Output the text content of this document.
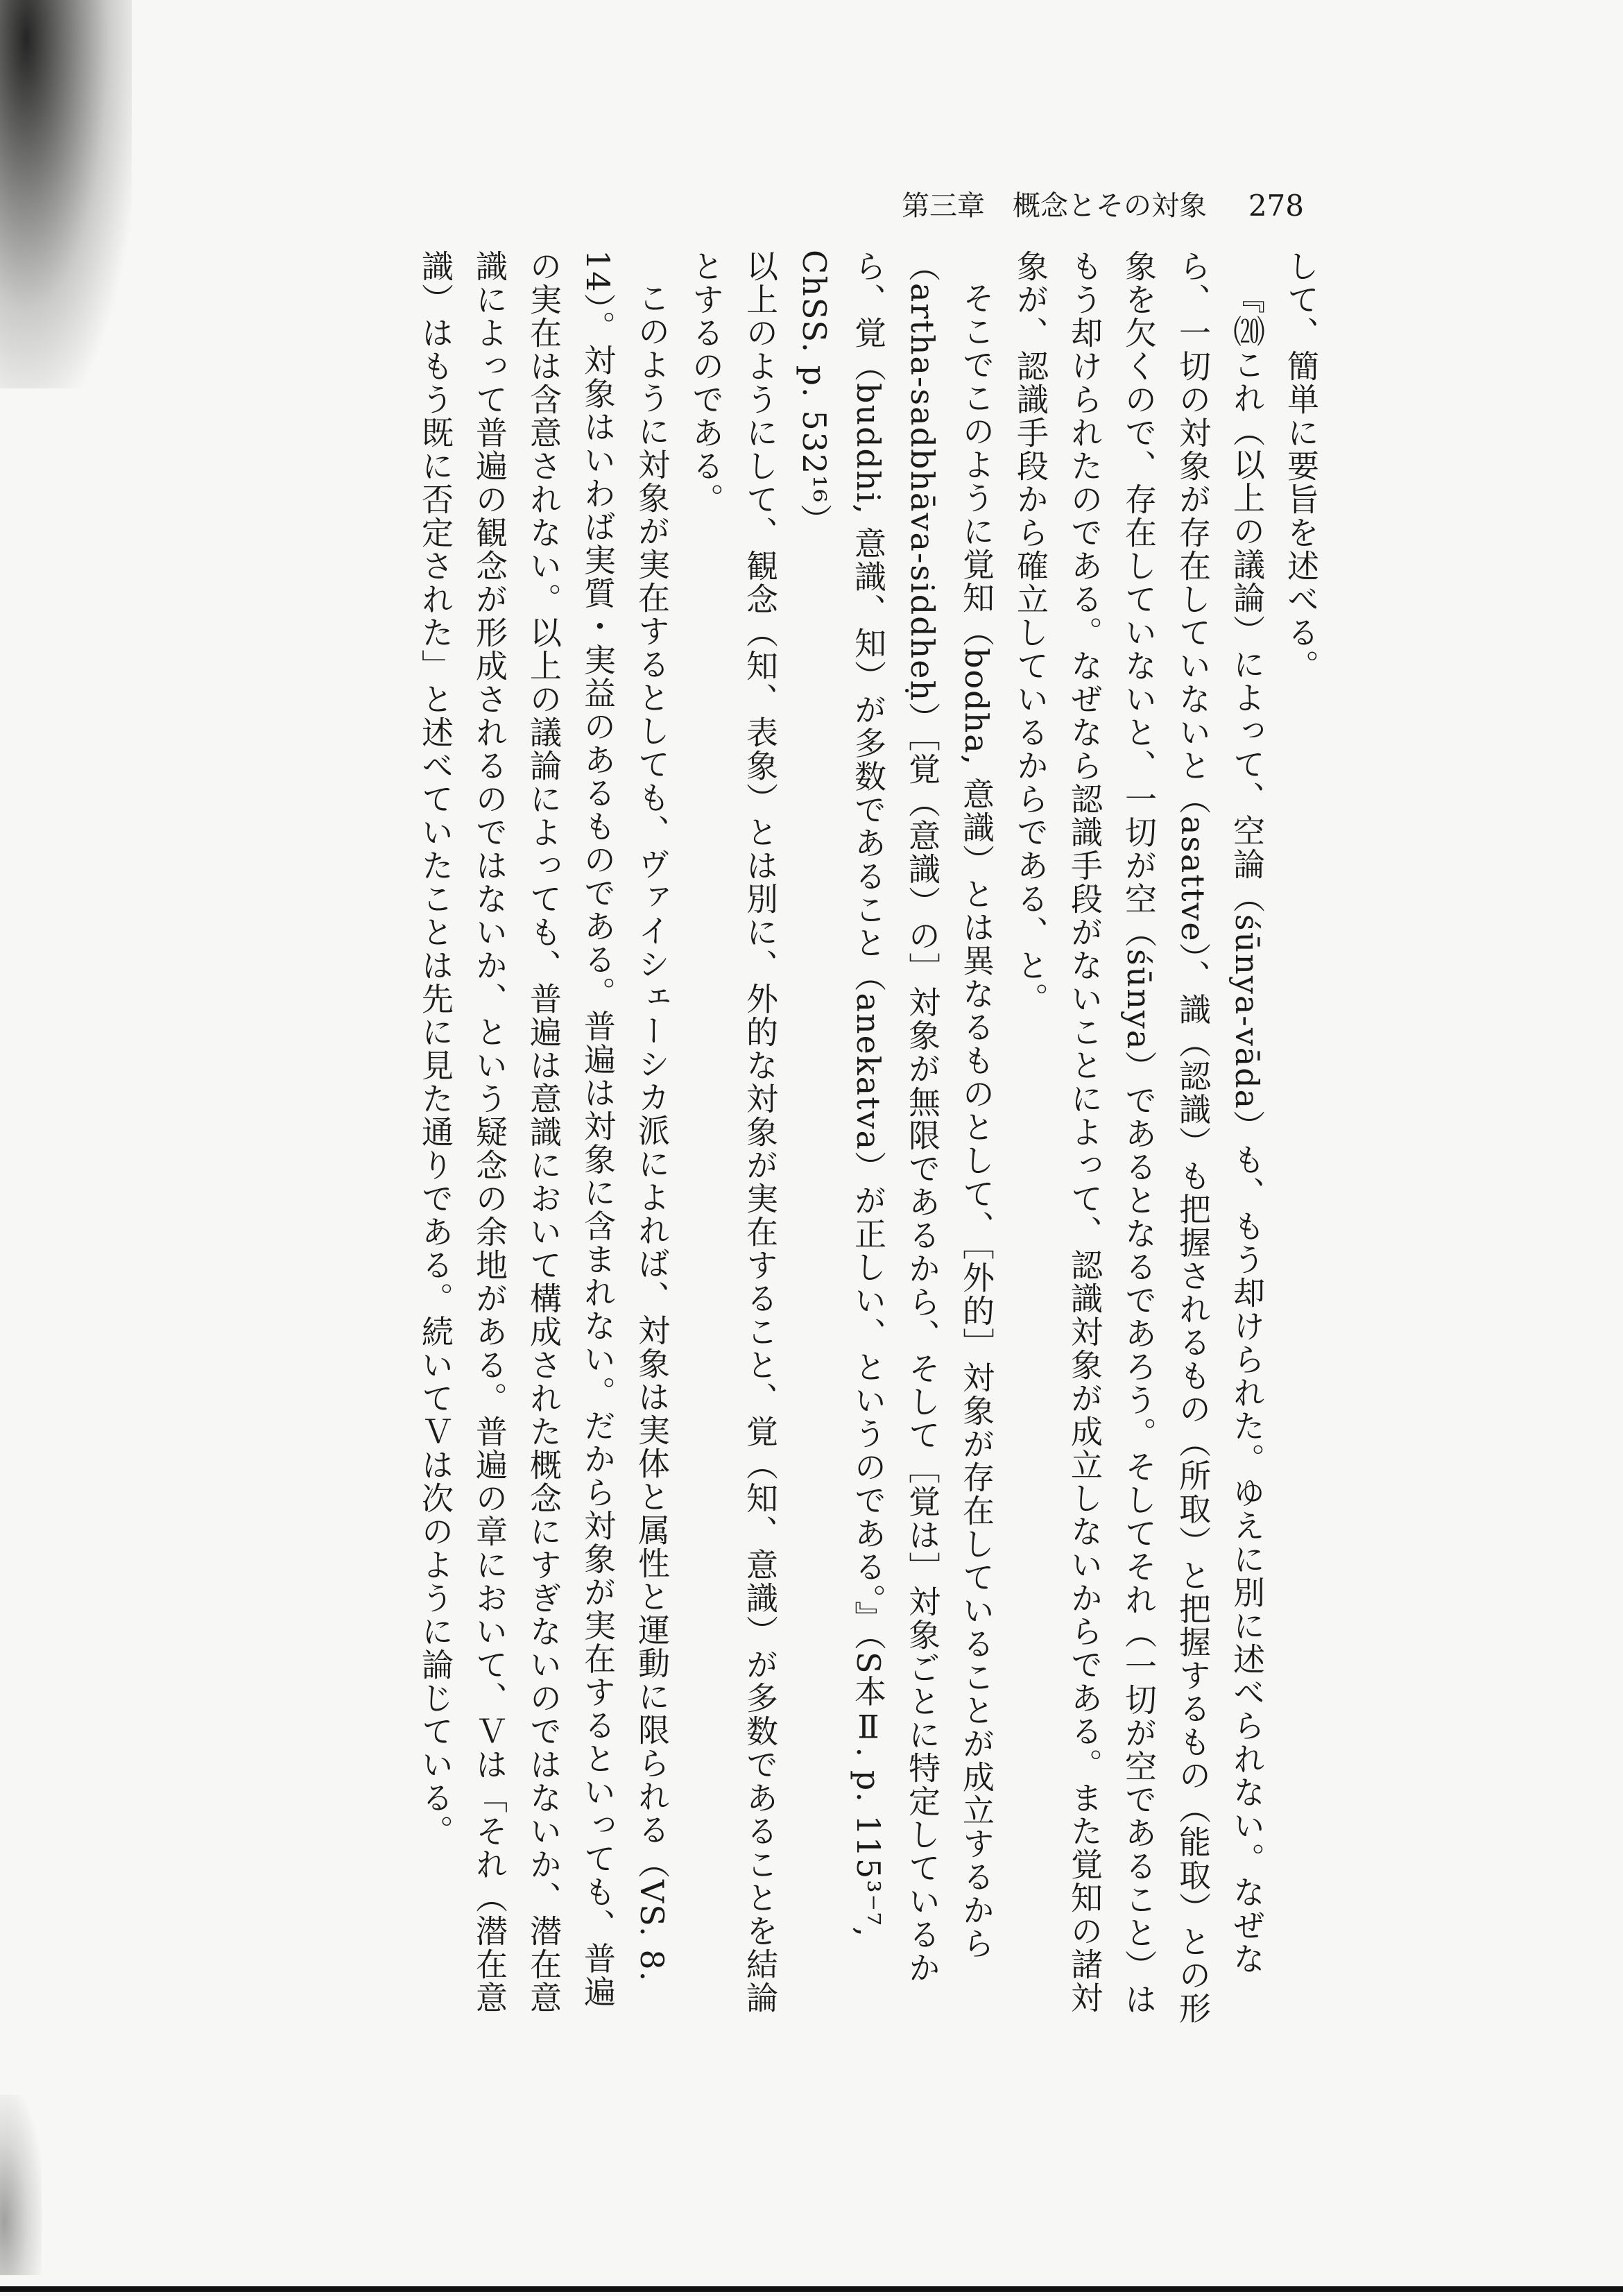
第三章　概念とその対象 278

して、簡単に要旨を述べる。

『⒇これ（以上の議論）によって、空論（śūnya-vāda）も、もう却けられた。ゆえに別に述べられない。なぜなら、一切の対象が存在していないと（asattve）、識（認識）も把握されるもの（所取）と把握するもの（能取）との形象を欠くので、存在していないと、一切が空（śūnya）であるとなるであろう。そしてそれ（一切が空であること）はもう却けられたのである。なぜなら認識手段がないことによって、認識対象が成立しないからである。また覚知の諸対象が、認識手段から確立しているからである、と。

そこでこのように覚知（bodha, 意識）とは異なるものとして、［外的］対象が存在していることが成立するから（artha-sadbhāva-siddheḥ）［覚（意識）の］対象が無限であるから、そして［覚は］対象ごとに特定しているから、覚（buddhi, 意識、知）が多数であること（anekatva）が正しい、というのである。』（S本Ⅱ. p. 115³⁻⁷, ChSS. p. 532¹⁶）

以上のようにして、観念（知、表象）とは別に、外的な対象が実在すること、覚（知、意識）が多数であることを結論とするのである。

このように対象が実在するとしても、ヴァイシェーシカ派によれば、対象は実体と属性と運動に限られる（VS. 8. 14）。対象はいわば実質・実益のあるものである。普遍は対象に含まれない。だから対象が実在するといっても、普遍の実在は含意されない。以上の議論によっても、普遍は意識において構成された概念にすぎないのではないか、潜在意識によって普遍の観念が形成されるのではないか、という疑念の余地がある。普遍の章において、Ｖは「それ（潜在意識）はもう既に否定された」と述べていたことは先に見た通りである。続いてＶは次のように論じている。
